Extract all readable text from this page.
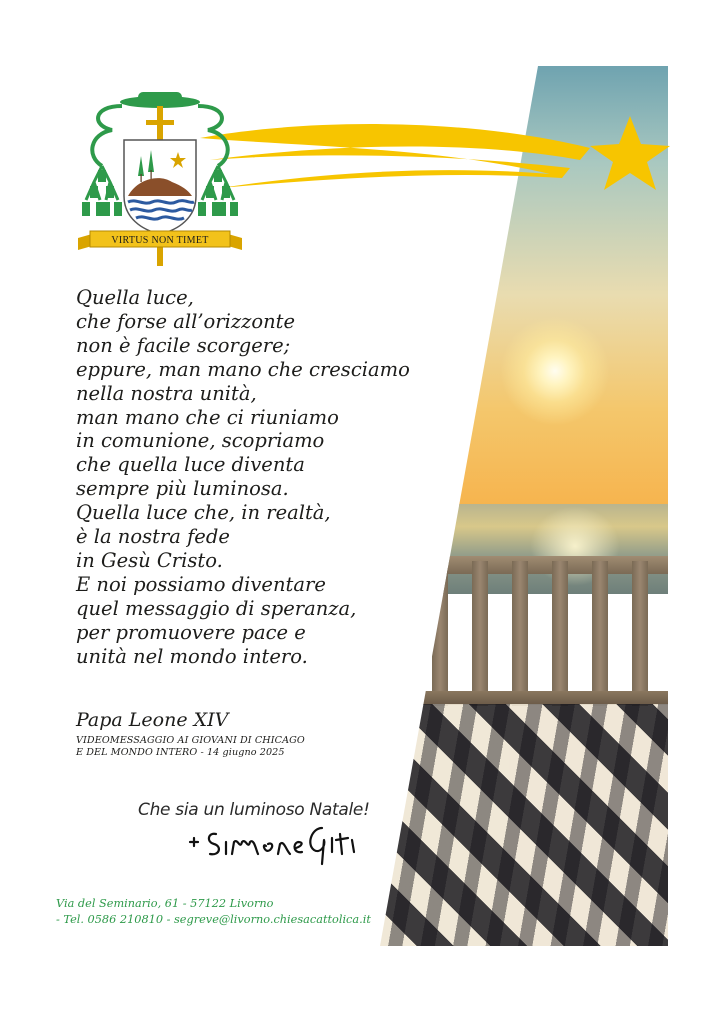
VIRTUS NON TIMET
Quella luce,
che forse all’orizzonte
non è facile scorgere;
eppure, man mano che cresciamo
nella nostra unità,
man mano che ci riuniamo
in comunione, scopriamo
che quella luce diventa
sempre più luminosa.
Quella luce che, in realtà,
è la nostra fede
in Gesù Cristo.
E noi possiamo diventare
quel messaggio di speranza,
per promuovere pace e
unità nel mondo intero.
Papa Leone XIV
VIDEOMESSAGGIO AI GIOVANI DI CHICAGO
E DEL MONDO INTERO - 14 giugno 2025
Che sia un luminoso Natale!
Via del Seminario, 61 - 57122 Livorno
- Tel. 0586 210810 - segreve@livorno.chiesacattolica.it
